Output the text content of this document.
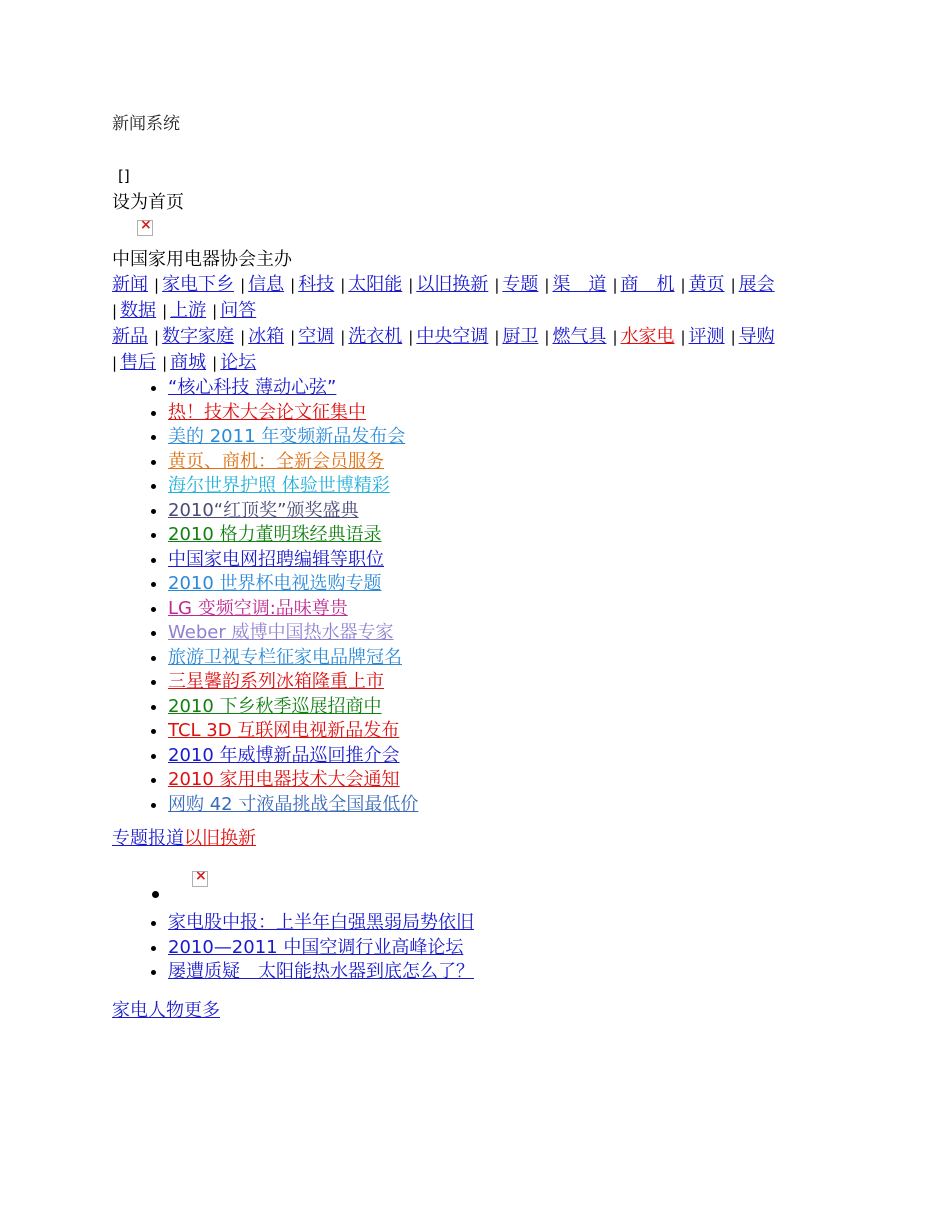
新闻系统
[]
设为首页
×
中国家用电器协会主办
新闻 | 家电下乡 | 信息 | 科技 | 太阳能 | 以旧换新 | 专题 | 渠　道 | 商　机 | 黄页 | 展会
| 数据 | 上游 | 问答
新品 | 数字家庭 | 冰箱 | 空调 | 洗衣机 | 中央空调 | 厨卫 | 燃气具 | 水家电 | 评测 | 导购
| 售后 | 商城 | 论坛
• “核心科技 薄动心弦”
• 热！技术大会论文征集中
• 美的 2011 年变频新品发布会
• 黄页、商机：全新会员服务
• 海尔世界护照 体验世博精彩
• 2010“红顶奖”颁奖盛典
• 2010 格力董明珠经典语录
• 中国家电网招聘编辑等职位
• 2010 世界杯电视选购专题
• LG 变频空调:品味尊贵
• Weber 威博中国热水器专家
• 旅游卫视专栏征家电品牌冠名
• 三星馨韵系列冰箱隆重上市
• 2010 下乡秋季巡展招商中
• TCL 3D 互联网电视新品发布
• 2010 年威博新品巡回推介会
• 2010 家用电器技术大会通知
• 网购 42 寸液晶挑战全国最低价
专题报道以旧换新
×
• 家电股中报：上半年白强黑弱局势依旧
• 2010—2011 中国空调行业高峰论坛
• 屡遭质疑　太阳能热水器到底怎么了？
家电人物更多
